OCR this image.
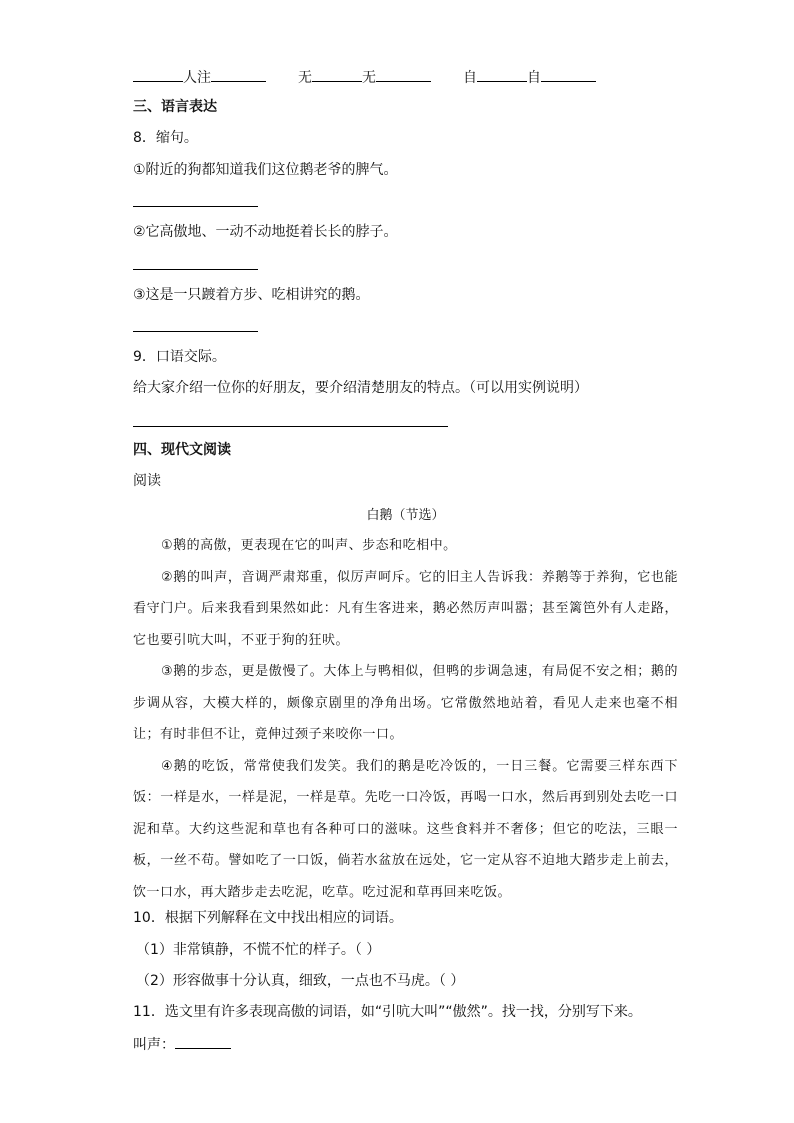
人注	无	无	自	自
三、语言表达
8．缩句。
①附近的狗都知道我们这位鹅老爷的脾气。
②它高傲地、一动不动地挺着长长的脖子。
③这是一只踱着方步、吃相讲究的鹅。
9．口语交际。
给大家介绍一位你的好朋友，要介绍清楚朋友的特点。（可以用实例说明）
四、现代文阅读
阅读
白鹅（节选）

①鹅的高傲，更表现在它的叫声、步态和吃相中。

②鹅的叫声，音调严肃郑重，似厉声呵斥。它的旧主人告诉我：养鹅等于养狗，它也能看守门户。后来我看到果然如此：凡有生客进来，鹅必然厉声叫嚣；甚至篱笆外有人走路，它也要引吭大叫，不亚于狗的狂吠。

③鹅的步态，更是傲慢了。大体上与鸭相似，但鸭的步调急速，有局促不安之相；鹅的步调从容，大模大样的，颇像京剧里的净角出场。它常傲然地站着，看见人走来也毫不相让；有时非但不让，竟伸过颈子来咬你一口。

④鹅的吃饭，常常使我们发笑。我们的鹅是吃冷饭的，一日三餐。它需要三样东西下饭：一样是水，一样是泥，一样是草。先吃一口冷饭，再喝一口水，然后再到别处去吃一口泥和草。大约这些泥和草也有各种可口的滋味。这些食料并不奢侈；但它的吃法，三眼一板，一丝不苟。譬如吃了一口饭，倘若水盆放在远处，它一定从容不迫地大踏步走上前去，饮一口水，再大踏步走去吃泥，吃草。吃过泥和草再回来吃饭。

10．根据下列解释在文中找出相应的词语。
（1）非常镇静，不慌不忙的样子。（ ）
（2）形容做事十分认真，细致，一点也不马虎。（ ）
11．选文里有许多表现高傲的词语，如“引吭大叫”“傲然”。找一找，分别写下来。
叫声：
